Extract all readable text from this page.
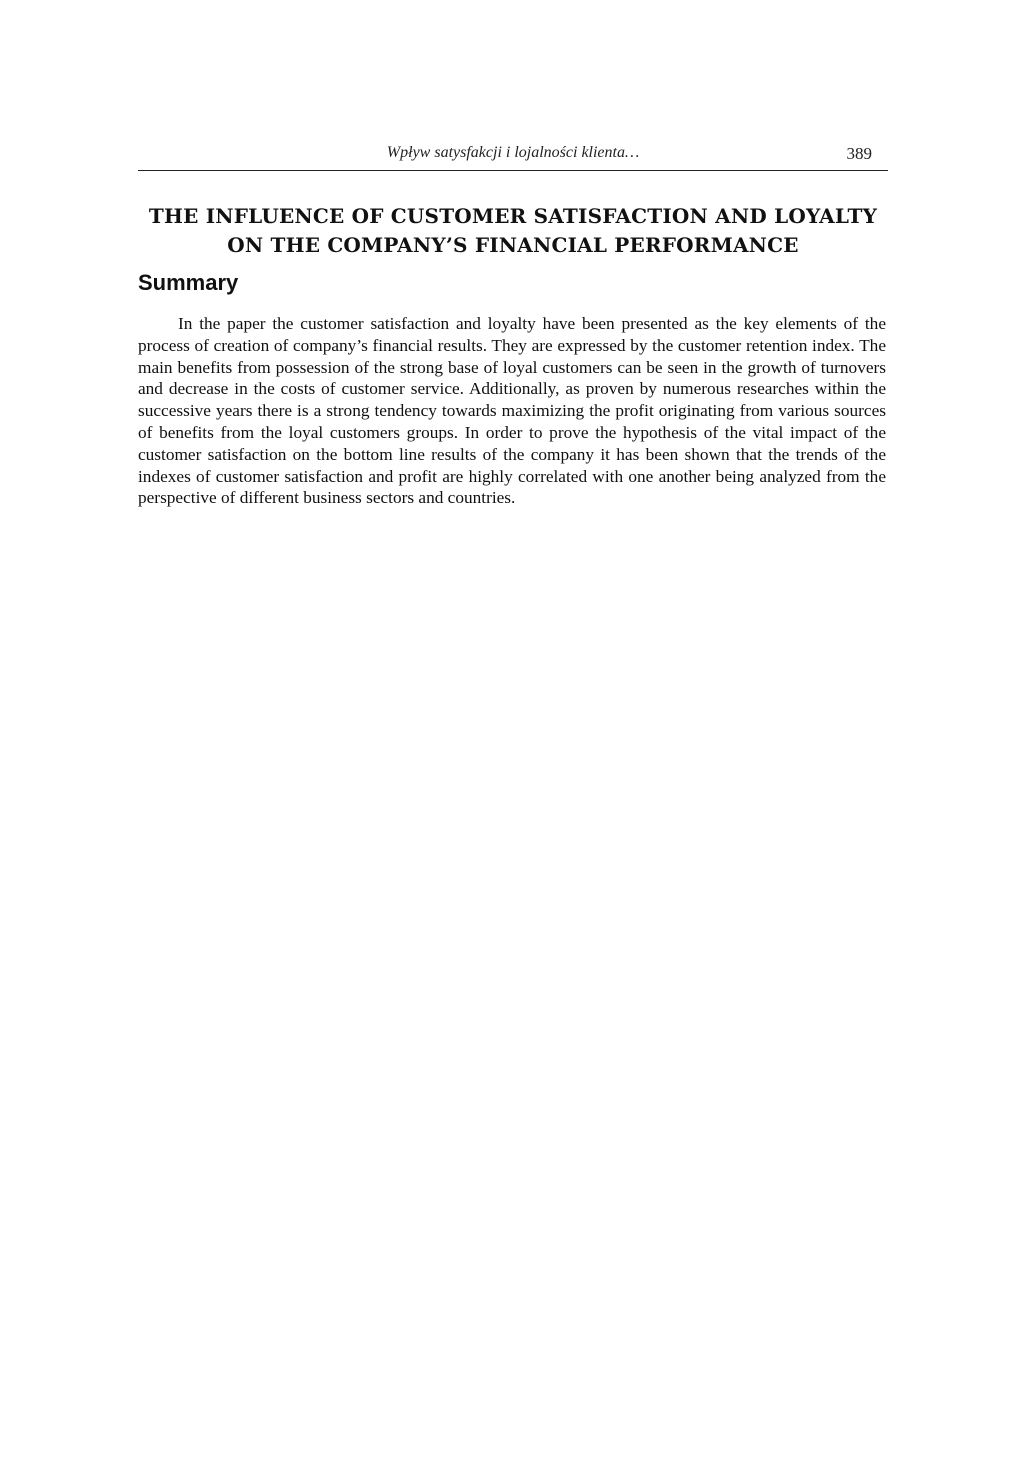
Wpływ satysfakcji i lojalności klienta…	389
THE INFLUENCE OF CUSTOMER SATISFACTION AND LOYALTY ON THE COMPANY’S FINANCIAL PERFORMANCE
Summary

In the paper the customer satisfaction and loyalty have been presented as the key elements of the process of creation of company’s financial results. They are expressed by the customer retention index. The main benefits from possession of the strong base of loyal customers can be seen in the growth of turnovers and decrease in the costs of customer service. Additionally, as proven by numerous researches within the successive years there is a strong tendency towards maximizing the profit originating from various sources of benefits from the loyal customers groups. In order to prove the hypothesis of the vital impact of the customer satisfaction on the bottom line results of the company it has been shown that the trends of the indexes of customer satisfaction and profit are highly correlated with one another being analyzed from the perspective of different business sectors and countries.
